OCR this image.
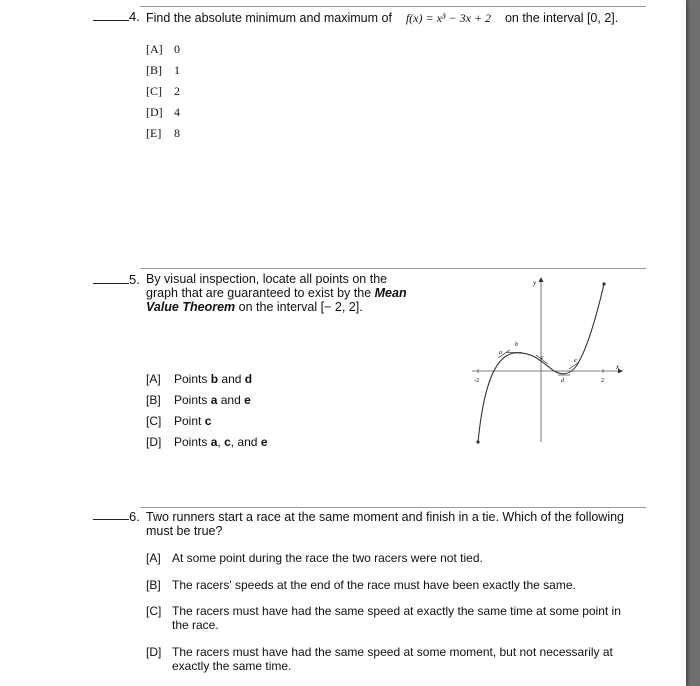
4. Find the absolute minimum and maximum of f(x) = x³ − 3x + 2 on the interval [0, 2].
[A] 0
[B] 1
[C] 2
[D] 4
[E] 8
5. By visual inspection, locate all points on the
graph that are guaranteed to exist by the Mean
Value Theorem on the interval [− 2, 2].
[A] Points b and d
[B] Points a and e
[C] Point c
[D] Points a, c, and e
y
x
-2	2
a
b
c
d
e
6. Two runners start a race at the same moment and finish in a tie. Which of the following
must be true?
[A] At some point during the race the two racers were not tied.
[B] The racers' speeds at the end of the race must have been exactly the same.
[C] The racers must have had the same speed at exactly the same time at some point in
the race.
[D] The racers must have had the same speed at some moment, but not necessarily at
exactly the same time.
